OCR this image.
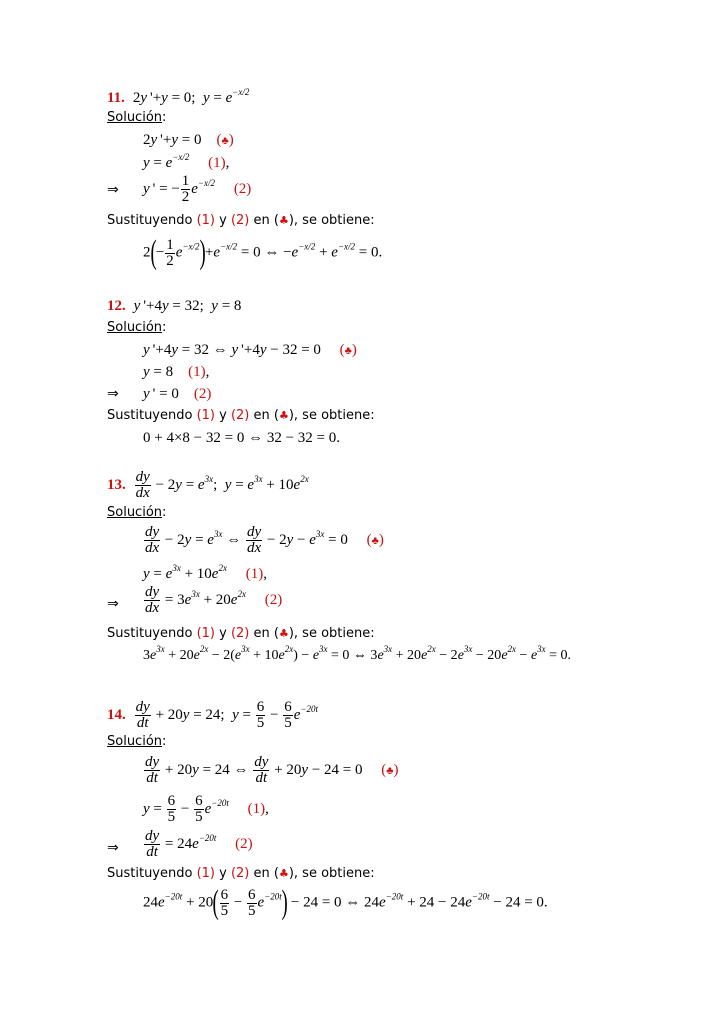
11.  2y '+y = 0;  $y = e^{-x/2}$
Solución:
2y '+y = 0    (♣)
$y = e^{-x/2}$ (1),
⇒ y ' = − $\frac{1}{2} e^{-x/2}$ (2)
Sustituyendo (1) y (2) en (♣), se obtiene:
$2(- \frac{1}{2} e^{-x/2})+e^{-x/2} = 0$ ⇔ $-e^{-x/2} + e^{-x/2} = 0$.
12. y '+4y = 32;  y = 8
Solución:
y '+4y = 32 ⇔ y '+4y − 32 = 0     (♣)
y = 8    (1),
⇒ y ' = 0    (2)
Sustituyendo (1) y (2) en (♣), se obtiene:
0 + 4×8 − 32 = 0 ⇔ 32 − 32 = 0.
13. $\frac{dy}{dx} - 2y = e^{3x}$;  $y = e^{3x} + 10e^{2x}$
Solución:
$\frac{dy}{dx} - 2y = e^{3x}$ ⇔ $\frac{dy}{dx} - 2y - e^{3x} = 0$     (♣)
$y = e^{3x} + 10e^{2x}$ (1),
⇒ $\frac{dy}{dx} = 3e^{3x} + 20e^{2x}$ (2)
Sustituyendo (1) y (2) en (♣), se obtiene:
$3e^{3x} + 20e^{2x} - 2(e^{3x} + 10e^{2x}) - e^{3x} = 0$ ⇔ $3e^{3x} + 20e^{2x} - 2e^{3x} - 20e^{2x} - e^{3x} = 0$.
14. $\frac{dy}{dt} + 20y = 24$;  $y = \frac{6}{5} - \frac{6}{5} e^{-20t}$
Solución:
$\frac{dy}{dt} + 20y = 24$ ⇔ $\frac{dy}{dt} + 20y - 24 = 0$     (♣)
$y = \frac{6}{5} - \frac{6}{5} e^{-20t}$ (1),
⇒ $\frac{dy}{dt} = 24e^{-20t}$ (2)
Sustituyendo (1) y (2) en (♣), se obtiene:
$24e^{-20t} + 20( \frac{6}{5} - \frac{6}{5} e^{-20t}) - 24 = 0$ ⇔ $24e^{-20t} + 24 - 24e^{-20t} - 24 = 0$.
